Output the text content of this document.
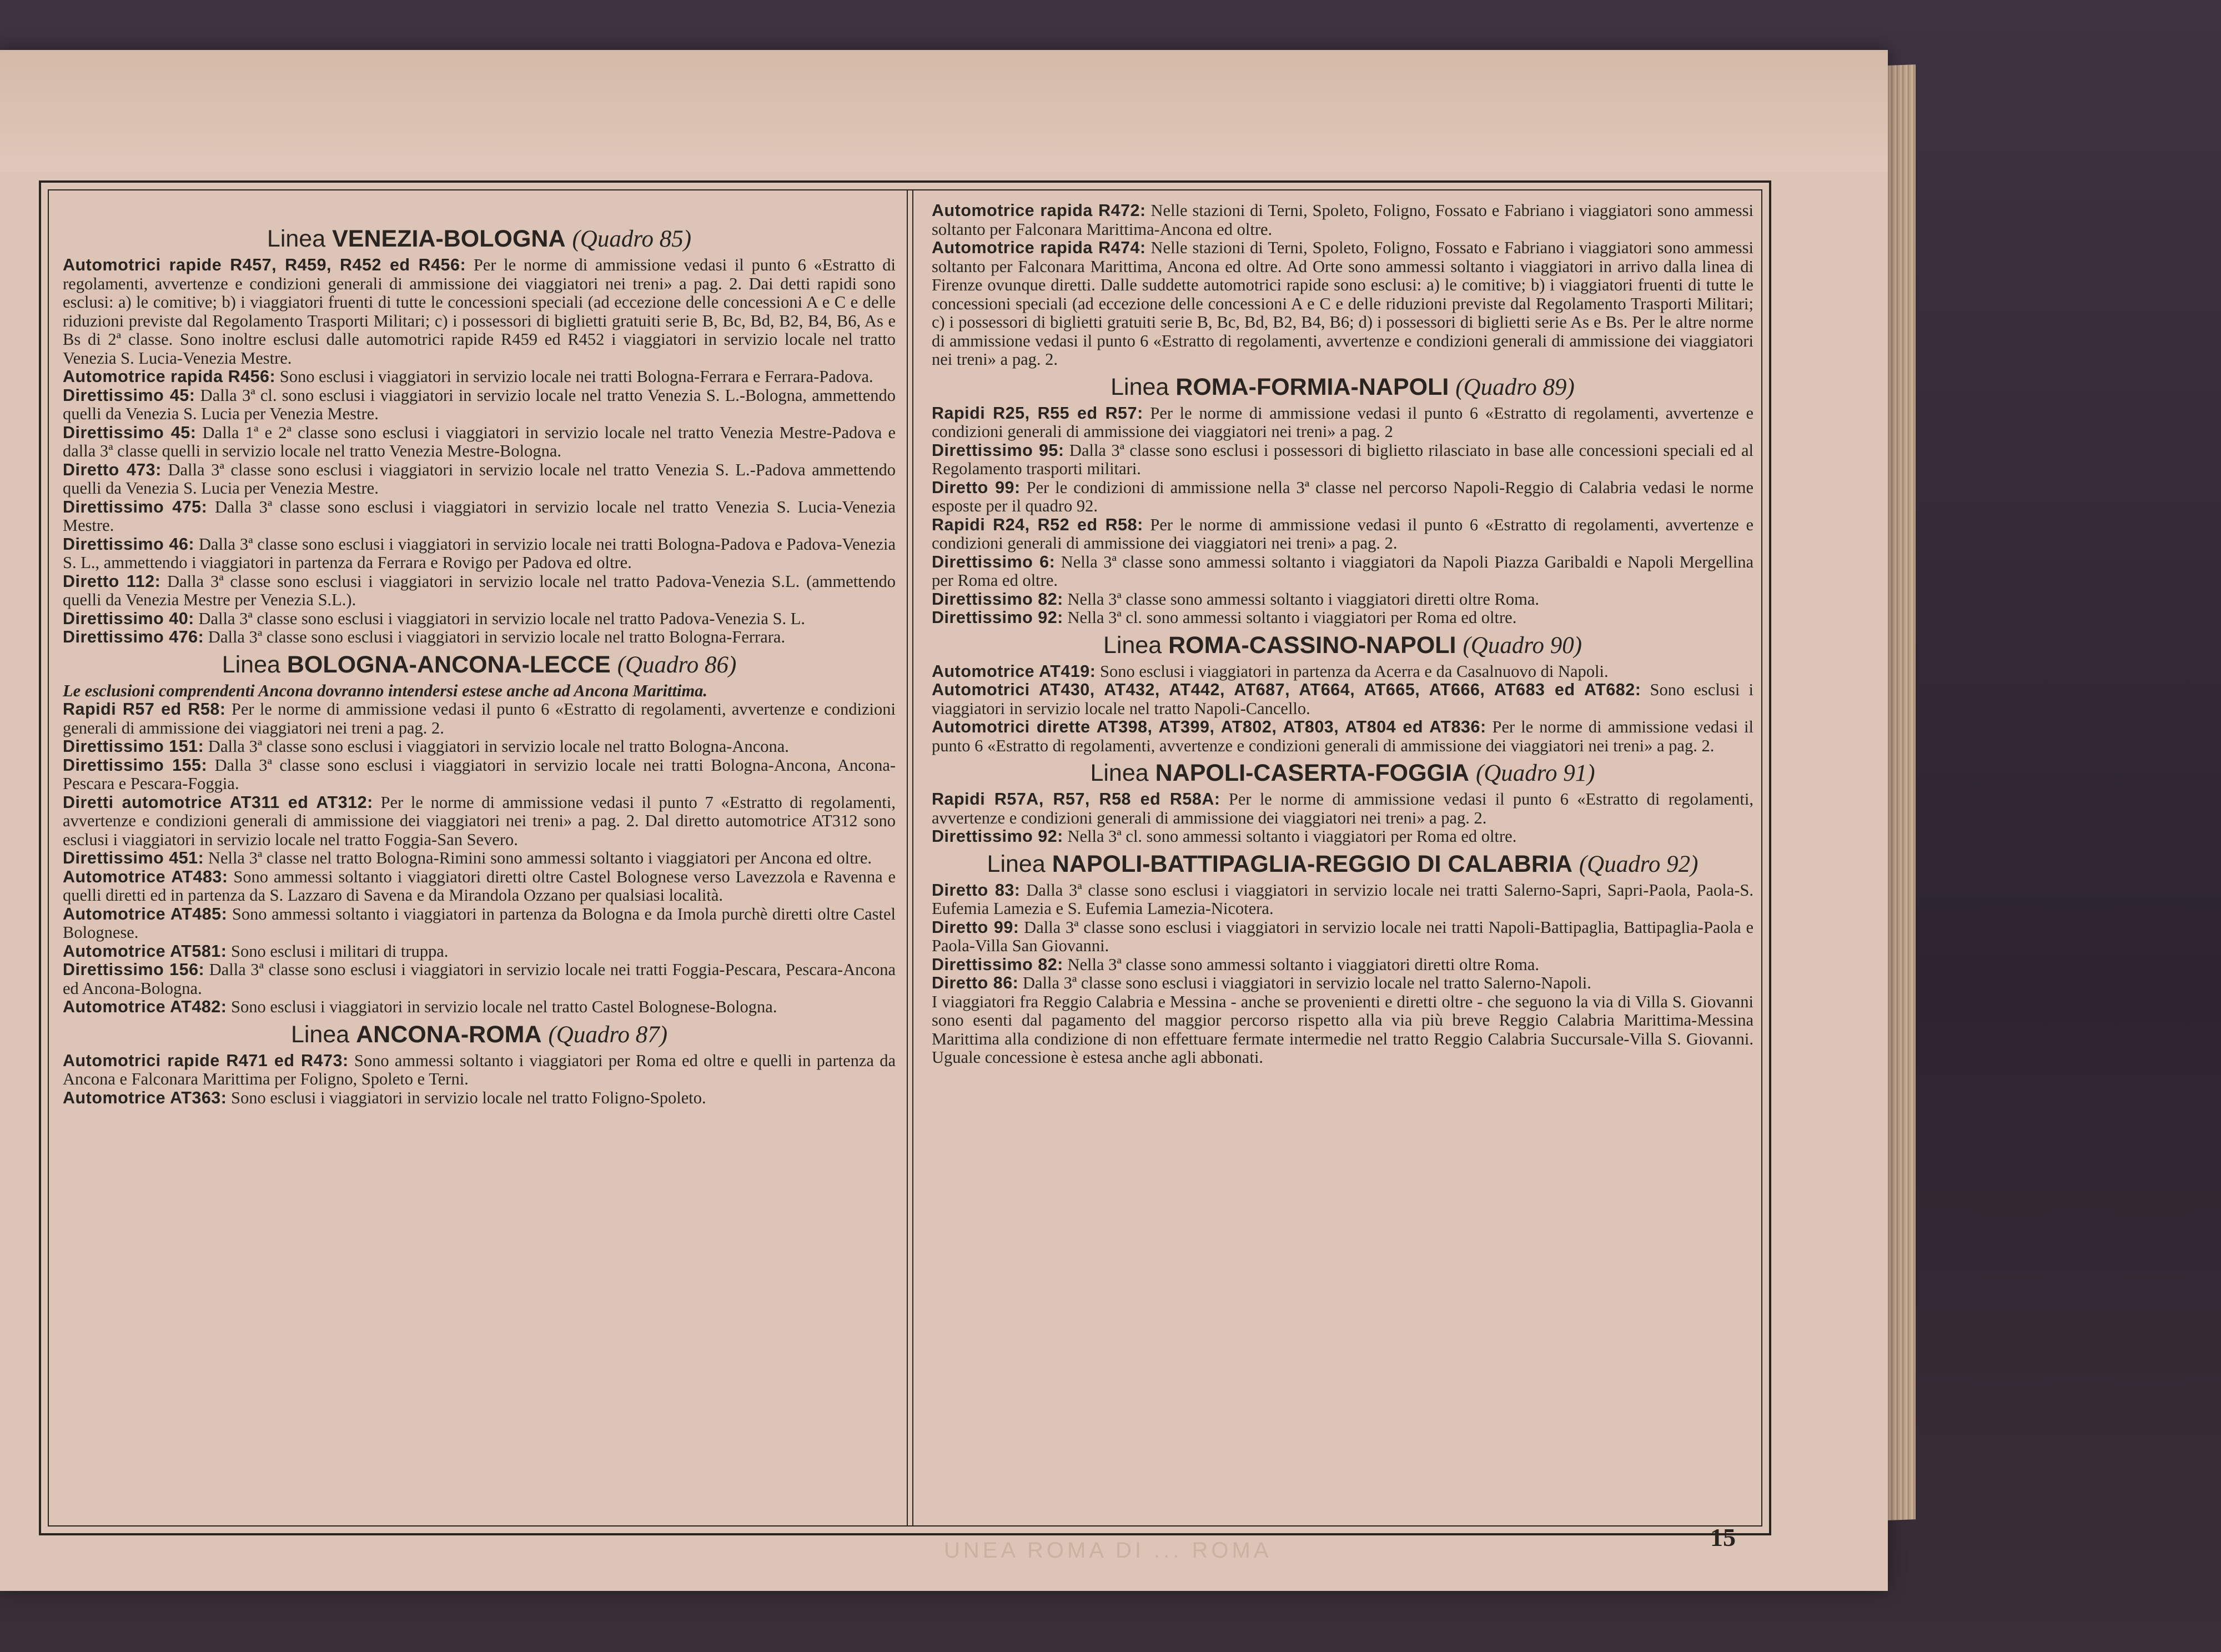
Linea VENEZIA-BOLOGNA (Quadro 85)

Automotrici rapide R457, R459, R452 ed R456: Per le norme di ammissione vedasi il punto 6 «Estratto di regolamenti, avvertenze e condizioni generali di ammissione dei viaggiatori nei treni» a pag. 2. Dai detti rapidi sono esclusi: a) le comitive; b) i viaggiatori fruenti di tutte le concessioni speciali (ad eccezione delle concessioni A e C e delle riduzioni previste dal Regolamento Trasporti Militari; c) i possessori di biglietti gratuiti serie B, Bc, Bd, B2, B4, B6, As e Bs di 2ª classe. Sono inoltre esclusi dalle automotrici rapide R459 ed R452 i viaggiatori in servizio locale nel tratto Venezia S. Lucia-Venezia Mestre.

Automotrice rapida R456: Sono esclusi i viaggiatori in servizio locale nei tratti Bologna-Ferrara e Ferrara-Padova.

Direttissimo 45: Dalla 3ª cl. sono esclusi i viaggiatori in servizio locale nel tratto Venezia S. L.-Bologna, ammettendo quelli da Venezia S. Lucia per Venezia Mestre.

Direttissimo 45: Dalla 1ª e 2ª classe sono esclusi i viaggiatori in servizio locale nel tratto Venezia Mestre-Padova e dalla 3ª classe quelli in servizio locale nel tratto Venezia Mestre-Bologna.

Diretto 473: Dalla 3ª classe sono esclusi i viaggiatori in servizio locale nel tratto Venezia S. L.-Padova ammettendo quelli da Venezia S. Lucia per Venezia Mestre.

Direttissimo 475: Dalla 3ª classe sono esclusi i viaggiatori in servizio locale nel tratto Venezia S. Lucia-Venezia Mestre.

Direttissimo 46: Dalla 3ª classe sono esclusi i viaggiatori in servizio locale nei tratti Bologna-Padova e Padova-Venezia S. L., ammettendo i viaggiatori in partenza da Ferrara e Rovigo per Padova ed oltre.

Diretto 112: Dalla 3ª classe sono esclusi i viaggiatori in servizio locale nel tratto Padova-Venezia S.L. (ammettendo quelli da Venezia Mestre per Venezia S.L.).

Direttissimo 40: Dalla 3ª classe sono esclusi i viaggiatori in servizio locale nel tratto Padova-Venezia S. L.

Direttissimo 476: Dalla 3ª classe sono esclusi i viaggiatori in servizio locale nel tratto Bologna-Ferrara.

Linea BOLOGNA-ANCONA-LECCE (Quadro 86)

Le esclusioni comprendenti Ancona dovranno intendersi estese anche ad Ancona Marittima.

Rapidi R57 ed R58: Per le norme di ammissione vedasi il punto 6 «Estratto di regolamenti, avvertenze e condizioni generali di ammissione dei viaggiatori nei treni a pag. 2.

Direttissimo 151: Dalla 3ª classe sono esclusi i viaggiatori in servizio locale nel tratto Bologna-Ancona.

Direttissimo 155: Dalla 3ª classe sono esclusi i viaggiatori in servizio locale nei tratti Bologna-Ancona, Ancona-Pescara e Pescara-Foggia.

Diretti automotrice AT311 ed AT312: Per le norme di ammissione vedasi il punto 7 «Estratto di regolamenti, avvertenze e condizioni generali di ammissione dei viaggiatori nei treni» a pag. 2. Dal diretto automotrice AT312 sono esclusi i viaggiatori in servizio locale nel tratto Foggia-San Severo.

Direttissimo 451: Nella 3ª classe nel tratto Bologna-Rimini sono ammessi soltanto i viaggiatori per Ancona ed oltre.

Automotrice AT483: Sono ammessi soltanto i viaggiatori diretti oltre Castel Bolognese verso Lavezzola e Ravenna e quelli diretti ed in partenza da S. Lazzaro di Savena e da Mirandola Ozzano per qualsiasi località.

Automotrice AT485: Sono ammessi soltanto i viaggiatori in partenza da Bologna e da Imola purchè diretti oltre Castel Bolognese.

Automotrice AT581: Sono esclusi i militari di truppa.

Direttissimo 156: Dalla 3ª classe sono esclusi i viaggiatori in servizio locale nei tratti Foggia-Pescara, Pescara-Ancona ed Ancona-Bologna.

Automotrice AT482: Sono esclusi i viaggiatori in servizio locale nel tratto Castel Bolognese-Bologna.

Linea ANCONA-ROMA (Quadro 87)

Automotrici rapide R471 ed R473: Sono ammessi soltanto i viaggiatori per Roma ed oltre e quelli in partenza da Ancona e Falconara Marittima per Foligno, Spoleto e Terni.

Automotrice AT363: Sono esclusi i viaggiatori in servizio locale nel tratto Foligno-Spoleto.

Automotrice rapida R472: Nelle stazioni di Terni, Spoleto, Foligno, Fossato e Fabriano i viaggiatori sono ammessi soltanto per Falconara Marittima-Ancona ed oltre.

Automotrice rapida R474: Nelle stazioni di Terni, Spoleto, Foligno, Fossato e Fabriano i viaggiatori sono ammessi soltanto per Falconara Marittima, Ancona ed oltre. Ad Orte sono ammessi soltanto i viaggiatori in arrivo dalla linea di Firenze ovunque diretti. Dalle suddette automotrici rapide sono esclusi: a) le comitive; b) i viaggiatori fruenti di tutte le concessioni speciali (ad eccezione delle concessioni A e C e delle riduzioni previste dal Regolamento Trasporti Militari; c) i possessori di biglietti gratuiti serie B, Bc, Bd, B2, B4, B6; d) i possessori di biglietti serie As e Bs. Per le altre norme di ammissione vedasi il punto 6 «Estratto di regolamenti, avvertenze e condizioni generali di ammissione dei viaggiatori nei treni» a pag. 2.

Linea ROMA-FORMIA-NAPOLI (Quadro 89)

Rapidi R25, R55 ed R57: Per le norme di ammissione vedasi il punto 6 «Estratto di regolamenti, avvertenze e condizioni generali di ammissione dei viaggiatori nei treni» a pag. 2

Direttissimo 95: Dalla 3ª classe sono esclusi i possessori di biglietto rilasciato in base alle concessioni speciali ed al Regolamento trasporti militari.

Diretto 99: Per le condizioni di ammissione nella 3ª classe nel percorso Napoli-Reggio di Calabria vedasi le norme esposte per il quadro 92.

Rapidi R24, R52 ed R58: Per le norme di ammissione vedasi il punto 6 «Estratto di regolamenti, avvertenze e condizioni generali di ammissione dei viaggiatori nei treni» a pag. 2.

Direttissimo 6: Nella 3ª classe sono ammessi soltanto i viaggiatori da Napoli Piazza Garibaldi e Napoli Mergellina per Roma ed oltre.

Direttissimo 82: Nella 3ª classe sono ammessi soltanto i viaggiatori diretti oltre Roma.

Direttissimo 92: Nella 3ª cl. sono ammessi soltanto i viaggiatori per Roma ed oltre.

Linea ROMA-CASSINO-NAPOLI (Quadro 90)

Automotrice AT419: Sono esclusi i viaggiatori in partenza da Acerra e da Casalnuovo di Napoli.

Automotrici AT430, AT432, AT442, AT687, AT664, AT665, AT666, AT683 ed AT682: Sono esclusi i viaggiatori in servizio locale nel tratto Napoli-Cancello.

Automotrici dirette AT398, AT399, AT802, AT803, AT804 ed AT836: Per le norme di ammissione vedasi il punto 6 «Estratto di regolamenti, avvertenze e condizioni generali di ammissione dei viaggiatori nei treni» a pag. 2.

Linea NAPOLI-CASERTA-FOGGIA (Quadro 91)

Rapidi R57A, R57, R58 ed R58A: Per le norme di ammissione vedasi il punto 6 «Estratto di regolamenti, avvertenze e condizioni generali di ammissione dei viaggiatori nei treni» a pag. 2.

Direttissimo 92: Nella 3ª cl. sono ammessi soltanto i viaggiatori per Roma ed oltre.

Linea NAPOLI-BATTIPAGLIA-REGGIO DI CALABRIA (Quadro 92)

Diretto 83: Dalla 3ª classe sono esclusi i viaggiatori in servizio locale nei tratti Salerno-Sapri, Sapri-Paola, Paola-S. Eufemia Lamezia e S. Eufemia Lamezia-Nicotera.

Diretto 99: Dalla 3ª classe sono esclusi i viaggiatori in servizio locale nei tratti Napoli-Battipaglia, Battipaglia-Paola e Paola-Villa San Giovanni.

Direttissimo 82: Nella 3ª classe sono ammessi soltanto i viaggiatori diretti oltre Roma.

Diretto 86: Dalla 3ª classe sono esclusi i viaggiatori in servizio locale nel tratto Salerno-Napoli.

I viaggiatori fra Reggio Calabria e Messina - anche se provenienti e diretti oltre - che seguono la via di Villa S. Giovanni sono esenti dal pagamento del maggior percorso rispetto alla via più breve Reggio Calabria Marittima-Messina Marittima alla condizione di non effettuare fermate intermedie nel tratto Reggio Calabria Succursale-Villa S. Giovanni. Uguale concessione è estesa anche agli abbonati.

UNEA ROMA DI ... ROMA	15
